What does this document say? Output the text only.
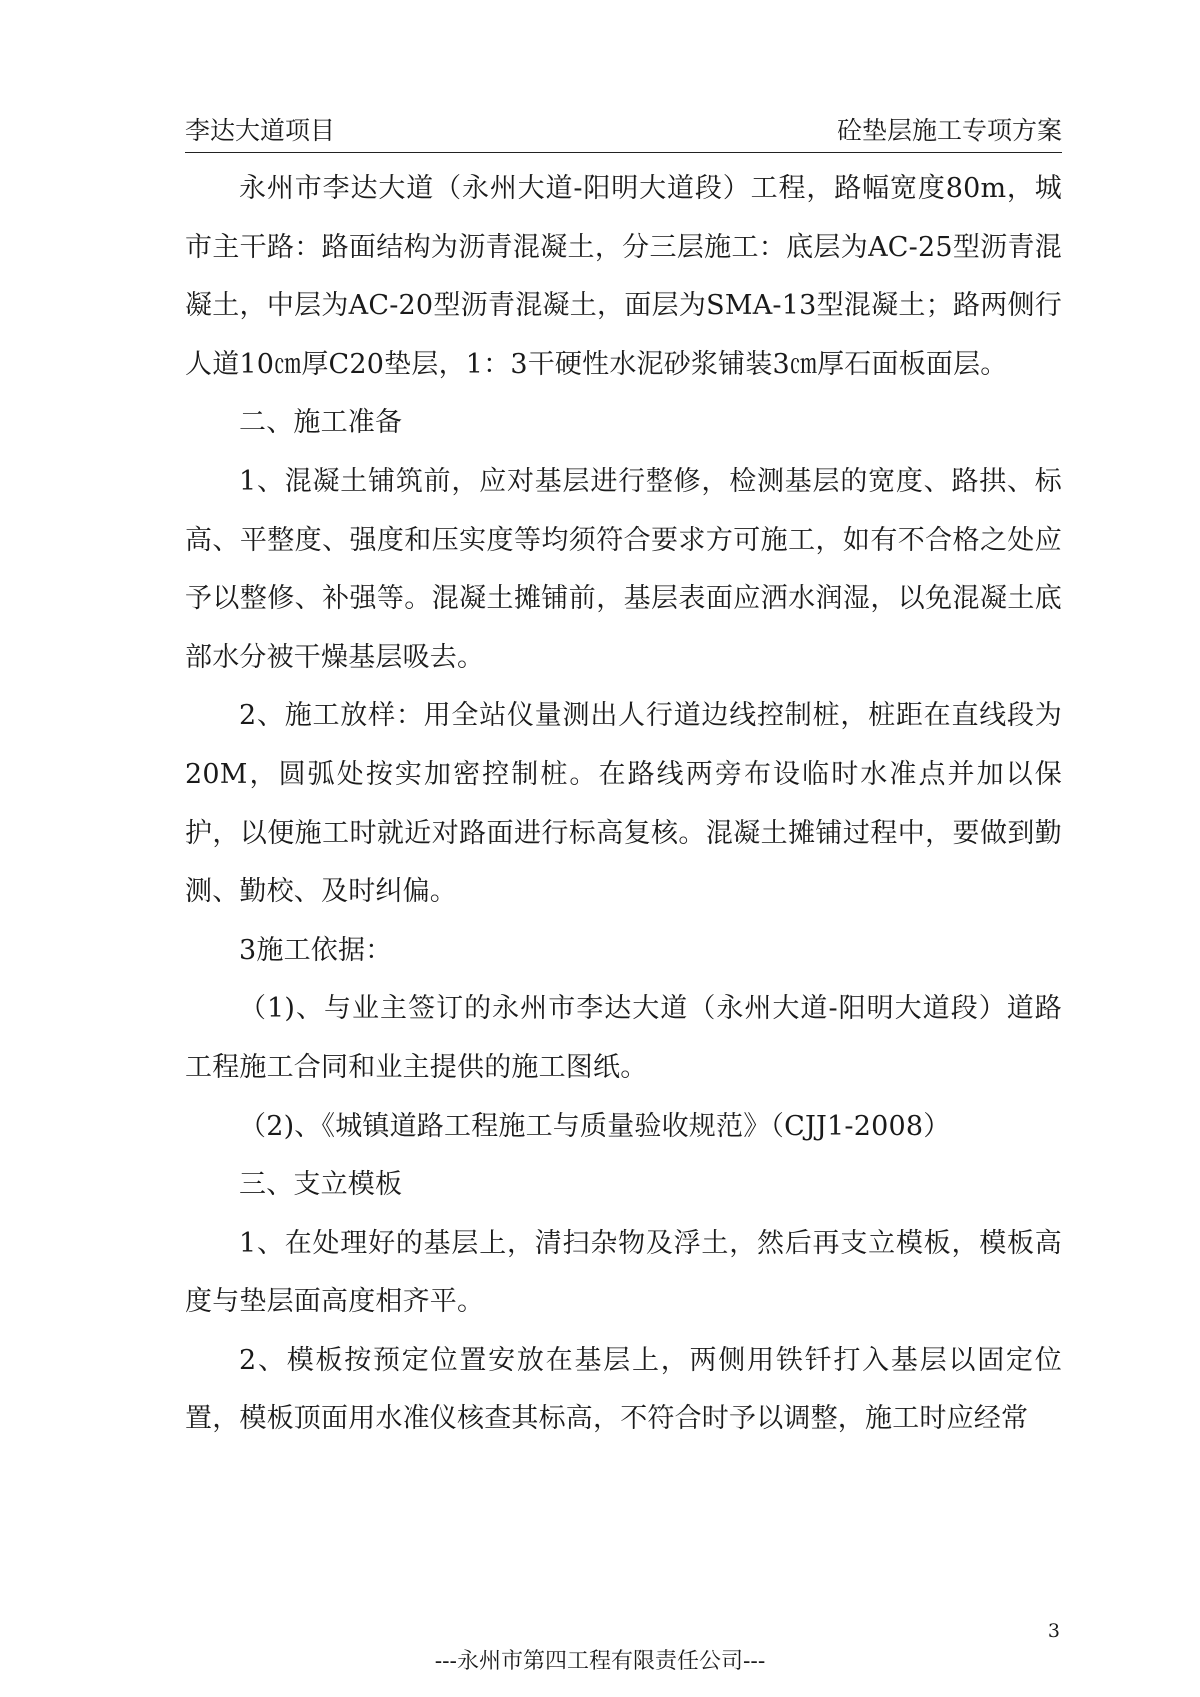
李达大道项目	砼垫层施工专项方案

永州市李达大道（永州大道-阳明大道段）工程，路幅宽度80m，城市主干路：路面结构为沥青混凝土，分三层施工：底层为AC-25型沥青混凝土，中层为AC-20型沥青混凝土，面层为SMA-13型混凝土；路两侧行人道10㎝厚C20垫层，1：3干硬性水泥砂浆铺装3㎝厚石面板面层。

二、施工准备

1、混凝土铺筑前，应对基层进行整修，检测基层的宽度、路拱、标高、平整度、强度和压实度等均须符合要求方可施工，如有不合格之处应予以整修、补强等。混凝土摊铺前，基层表面应洒水润湿，以免混凝土底部水分被干燥基层吸去。

2、施工放样：用全站仪量测出人行道边线控制桩，桩距在直线段为20M，圆弧处按实加密控制桩。在路线两旁布设临时水准点并加以保护，以便施工时就近对路面进行标高复核。混凝土摊铺过程中，要做到勤测、勤校、及时纠偏。

3施工依据：

（1)、与业主签订的永州市李达大道（永州大道-阳明大道段）道路工程施工合同和业主提供的施工图纸。

（2)、《城镇道路工程施工与质量验收规范》（CJJ1-2008）

三、支立模板

1、在处理好的基层上，清扫杂物及浮土，然后再支立模板，模板高度与垫层面高度相齐平。

2、模板按预定位置安放在基层上，两侧用铁钎打入基层以固定位置，模板顶面用水准仪核查其标高，不符合时予以调整，施工时应经常

3
---永州市第四工程有限责任公司---
